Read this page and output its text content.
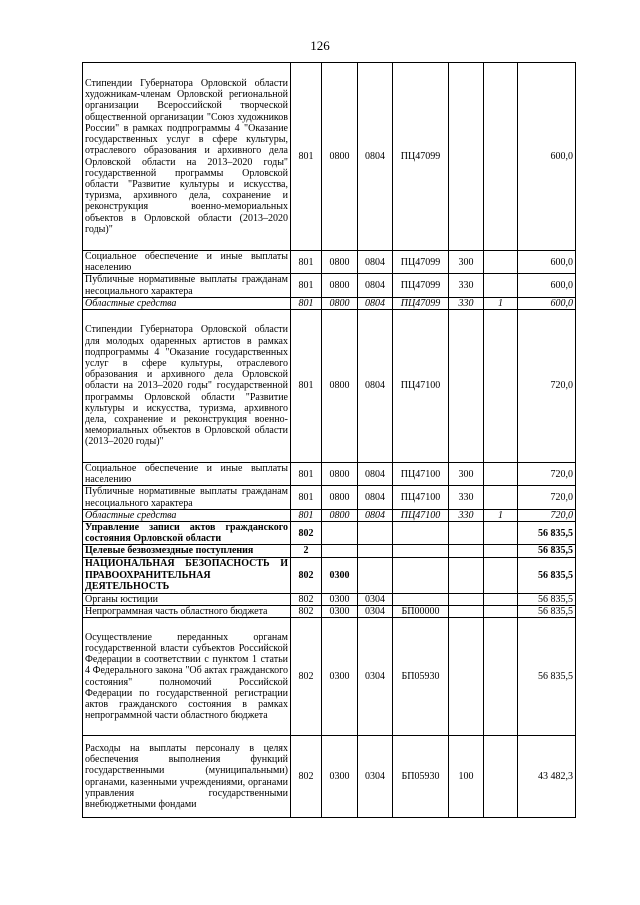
126
Стипендии Губернатора Орловской области художникам-членам Орловской региональной организации Всероссийской творческой общественной организации "Союз художников России" в рамках подпрограммы 4 "Оказание государственных услуг в сфере культуры, отраслевого образования и архивного дела Орловской области на 2013–2020 годы" государственной программы Орловской области "Развитие культуры и искусства, туризма, архивного дела, сохранение и реконструкция военно-мемориальных объектов в Орловской области (2013–2020 годы)"	801	0800	0804	ПЦ47099			600,0
Социальное обеспечение и иные выплаты населению	801	0800	0804	ПЦ47099	300		600,0
Публичные нормативные выплаты гражданам несоциального характера	801	0800	0804	ПЦ47099	330		600,0
Областные средства	801	0800	0804	ПЦ47099	330	1	600,0
Стипендии Губернатора Орловской области для молодых одаренных артистов в рамках подпрограммы 4 "Оказание государственных услуг в сфере культуры, отраслевого образования и архивного дела Орловской области на 2013–2020 годы" государственной программы Орловской области "Развитие культуры и искусства, туризма, архивного дела, сохранение и реконструкция военно-мемориальных объектов в Орловской области (2013–2020 годы)"	801	0800	0804	ПЦ47100			720,0
Социальное обеспечение и иные выплаты населению	801	0800	0804	ПЦ47100	300		720,0
Публичные нормативные выплаты гражданам несоциального характера	801	0800	0804	ПЦ47100	330		720,0
Областные средства	801	0800	0804	ПЦ47100	330	1	720,0
Управление записи актов гражданского состояния Орловской области	802						56 835,5
Целевые безвозмездные поступления	2						56 835,5
НАЦИОНАЛЬНАЯ БЕЗОПАСНОСТЬ И ПРАВООХРАНИТЕЛЬНАЯ ДЕЯТЕЛЬНОСТЬ	802	0300					56 835,5
Органы юстиции	802	0300	0304				56 835,5
Непрограммная часть областного бюджета	802	0300	0304	БП00000			56 835,5
Осуществление переданных органам государственной власти субъектов Российской Федерации в соответствии с пунктом 1 статьи 4 Федерального закона "Об актах гражданского состояния" полномочий Российской Федерации по государственной регистрации актов гражданского состояния в рамках непрограммной части областного бюджета	802	0300	0304	БП05930			56 835,5
Расходы на выплаты персоналу в целях обеспечения выполнения функций государственными (муниципальными) органами, казенными учреждениями, органами управления государственными внебюджетными фондами	802	0300	0304	БП05930	100		43 482,3
